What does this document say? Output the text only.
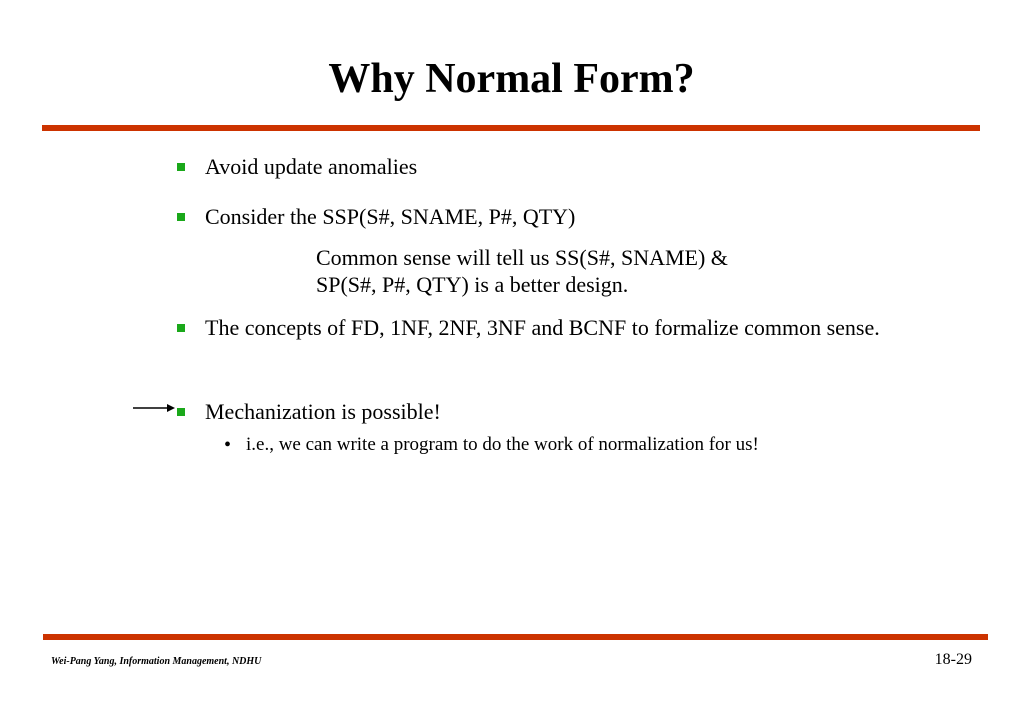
Why Normal Form?
Avoid update anomalies
Consider the SSP(S#, SNAME, P#, QTY)
Common sense will tell us SS(S#, SNAME) &
SP(S#, P#, QTY) is a better design.
The concepts of FD, 1NF, 2NF, 3NF and BCNF to formalize common sense.
Mechanization is possible!
• i.e., we can write a program to do the work of normalization for us!
Wei-Pang Yang, Information Management, NDHU	18-29
